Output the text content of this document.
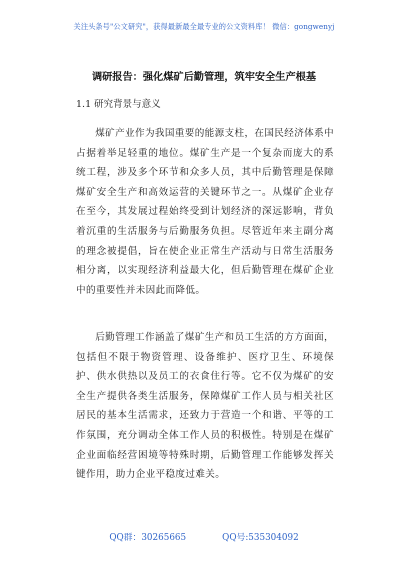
关注头条号"公文研究"，获得最新最全最专业的公文资料库！ 微信：gongwenyj
调研报告：强化煤矿后勤管理，筑牢安全生产根基
1.1 研究背景与意义

煤矿产业作为我国重要的能源支柱，在国民经济体系中占据着举足轻重的地位。煤矿生产是一个复杂而庞大的系统工程，涉及多个环节和众多人员，其中后勤管理是保障煤矿安全生产和高效运营的关键环节之一。从煤矿企业存在至今，其发展过程始终受到计划经济的深远影响，背负着沉重的生活服务与后勤服务负担。尽管近年来主副分离的理念被提倡，旨在使企业正常生产活动与日常生活服务相分离，以实现经济利益最大化，但后勤管理在煤矿企业中的重要性并未因此而降低。

后勤管理工作涵盖了煤矿生产和员工生活的方方面面，包括但不限于物资管理、设备维护、医疗卫生、环境保护、供水供热以及员工的衣食住行等。它不仅为煤矿的安全生产提供各类生活服务，保障煤矿工作人员与相关社区居民的基本生活需求，还致力于营造一个和谐、平等的工作氛围，充分调动全体工作人员的积极性。特别是在煤矿企业面临经营困境等特殊时期，后勤管理工作能够发挥关键作用，助力企业平稳度过难关。

QQ群：30265665	QQ号:535304092
